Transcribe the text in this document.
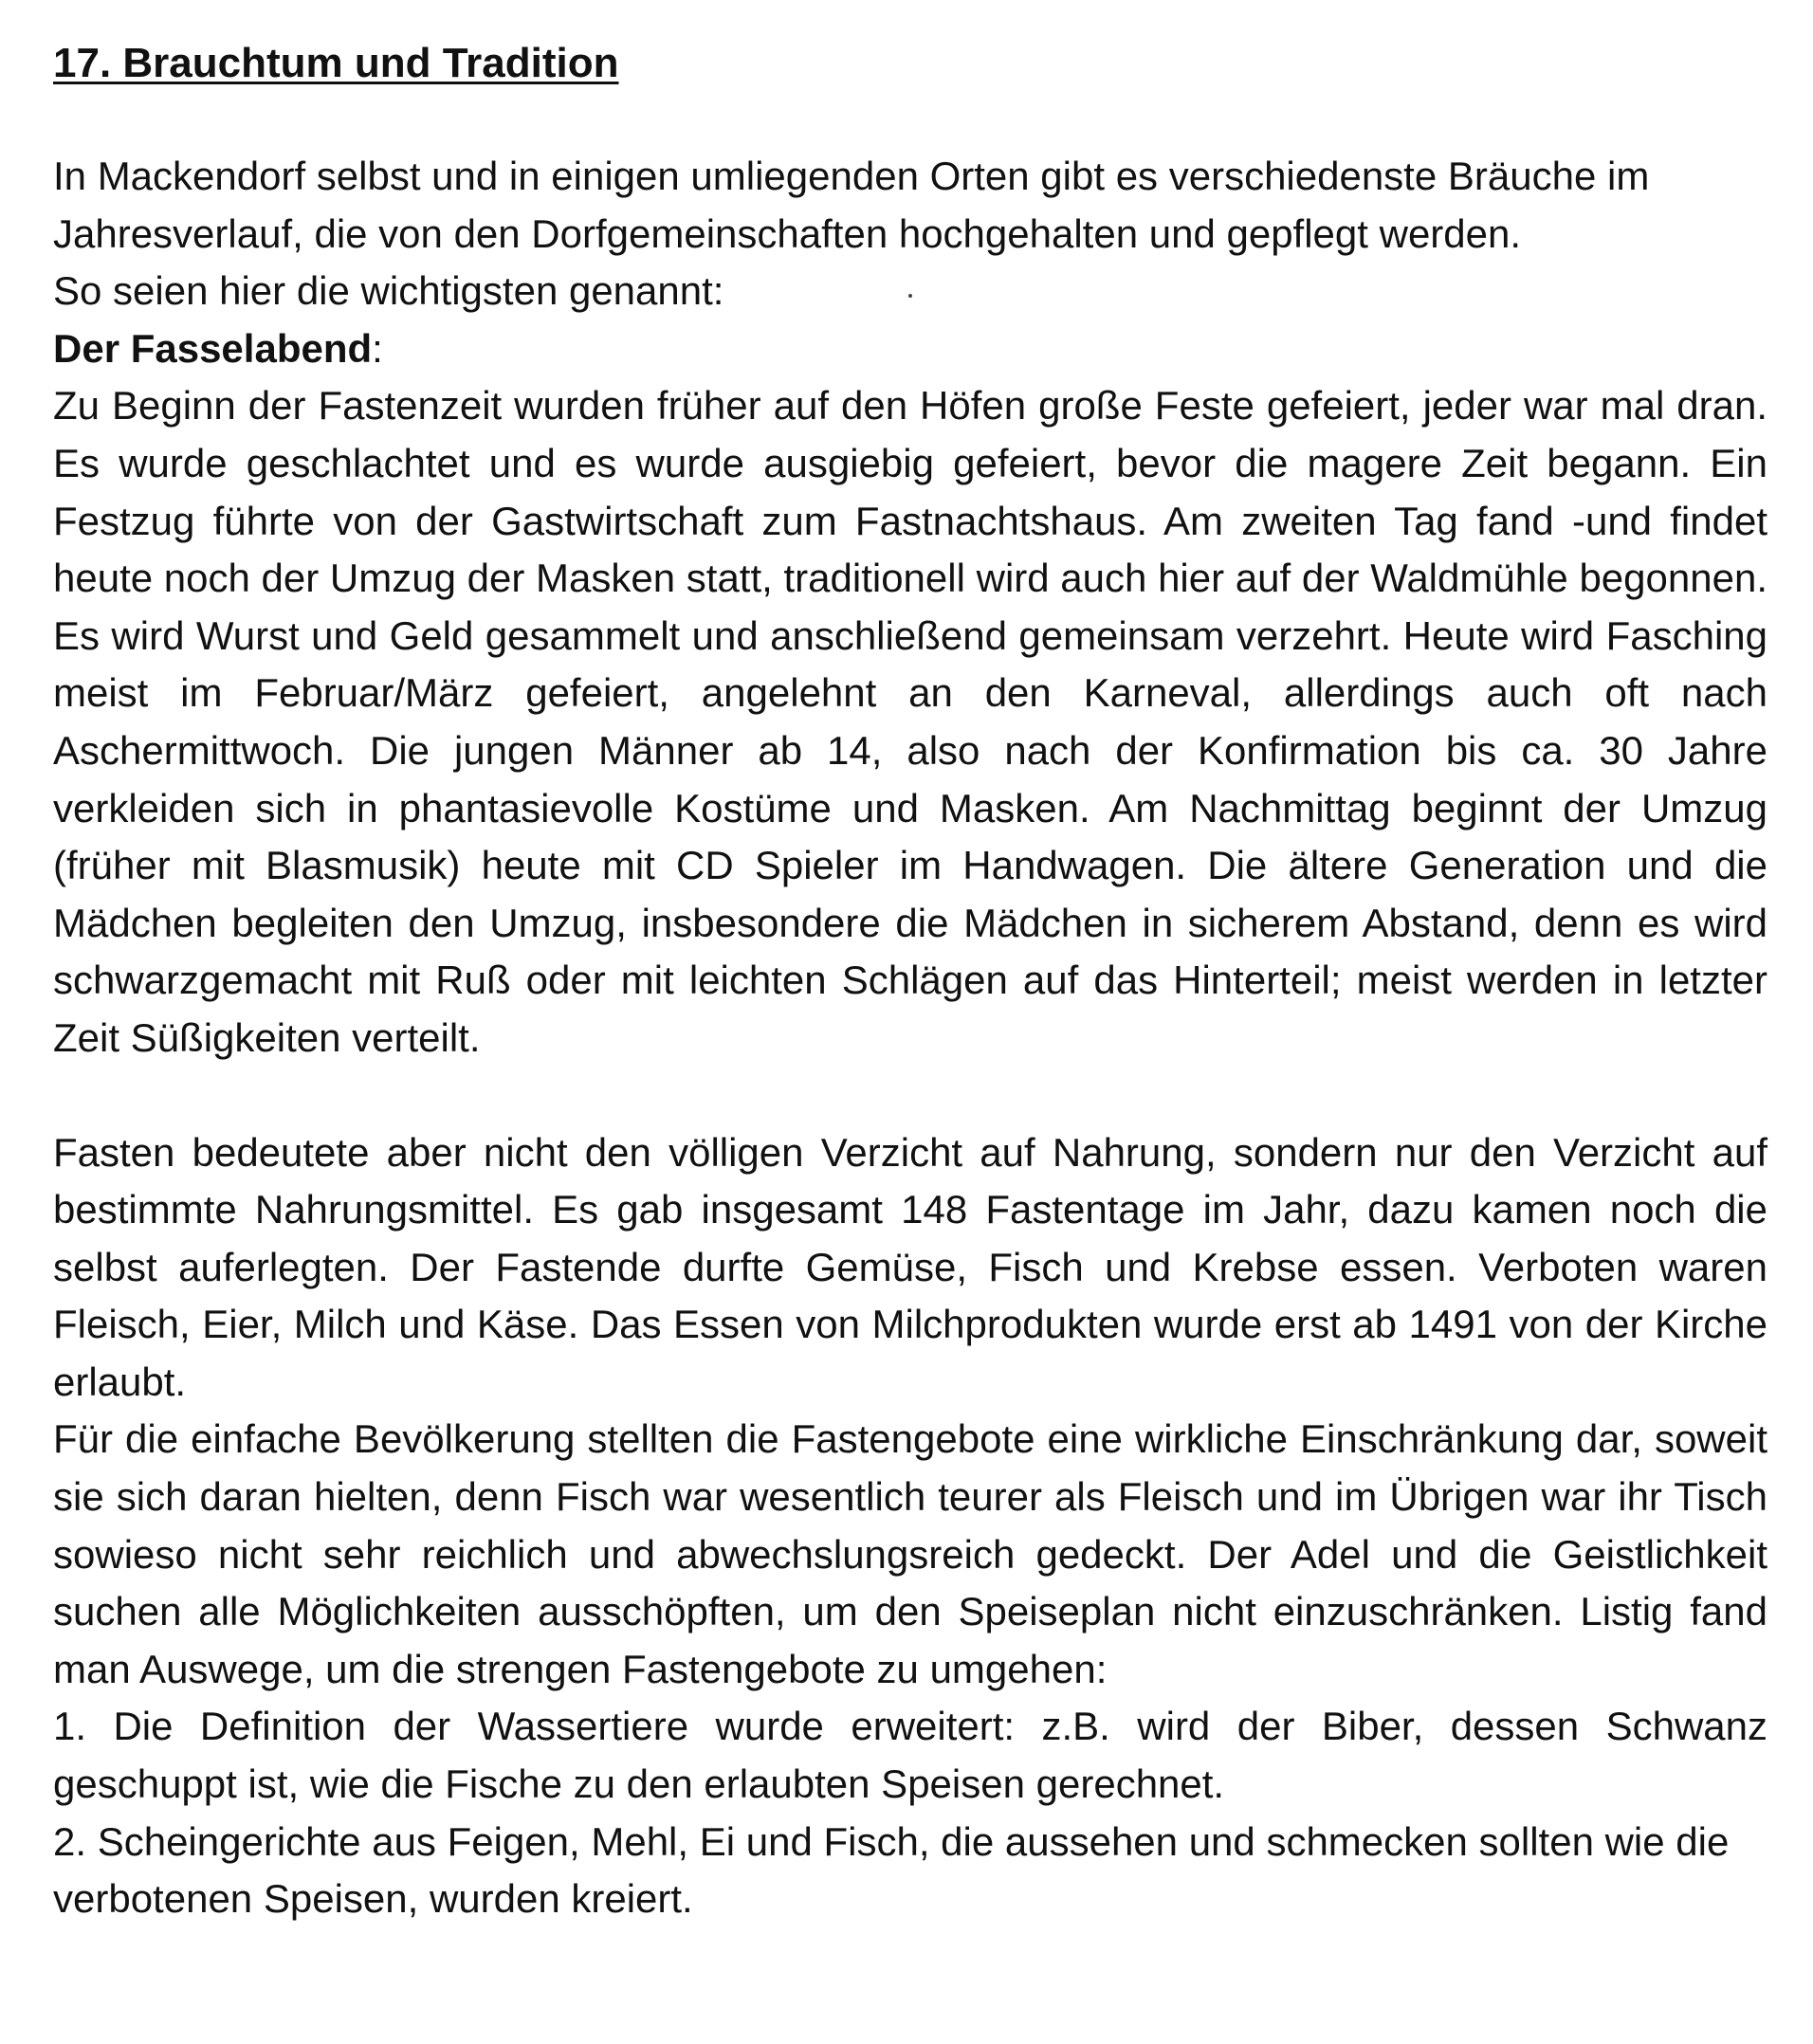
17. Brauchtum und Tradition

In Mackendorf selbst und in einigen umliegenden Orten gibt es verschiedenste Bräuche im Jahresverlauf, die von den Dorfgemeinschaften hochgehalten und gepflegt werden.

So seien hier die wichtigsten genannt:

Der Fasselabend:

Zu Beginn der Fastenzeit wurden früher auf den Höfen große Feste gefeiert, jeder war mal dran. Es wurde geschlachtet und es wurde ausgiebig gefeiert, bevor die magere Zeit begann. Ein Festzug führte von der Gastwirtschaft zum Fastnachtshaus. Am zweiten Tag fand -und findet heute noch der Umzug der Masken statt, traditionell wird auch hier auf der Waldmühle begonnen. Es wird Wurst und Geld gesammelt und anschließend gemeinsam verzehrt. Heute wird Fasching meist im Februar/März gefeiert, angelehnt an den Karneval, allerdings auch oft nach Aschermittwoch. Die jungen Männer ab 14, also nach der Konfirmation bis ca. 30 Jahre verkleiden sich in phantasievolle Kostüme und Masken. Am Nachmittag beginnt der Umzug (früher mit Blasmusik) heute mit CD Spieler im Handwagen. Die ältere Generation und die Mädchen begleiten den Umzug, insbesondere die Mädchen in sicherem Abstand, denn es wird schwarzgemacht mit Ruß oder mit leichten Schlägen auf das Hinterteil; meist werden in letzter Zeit Süßigkeiten verteilt.

Fasten bedeutete aber nicht den völligen Verzicht auf Nahrung, sondern nur den Verzicht auf bestimmte Nahrungsmittel. Es gab insgesamt 148 Fastentage im Jahr, dazu kamen noch die selbst auferlegten. Der Fastende durfte Gemüse, Fisch und Krebse essen. Verboten waren Fleisch, Eier, Milch und Käse. Das Essen von Milchprodukten wurde erst ab 1491 von der Kirche erlaubt.

Für die einfache Bevölkerung stellten die Fastengebote eine wirkliche Einschränkung dar, soweit sie sich daran hielten, denn Fisch war wesentlich teurer als Fleisch und im Übrigen war ihr Tisch sowieso nicht sehr reichlich und abwechslungsreich gedeckt. Der Adel und die Geistlichkeit suchen alle Möglichkeiten ausschöpften, um den Speiseplan nicht einzuschränken. Listig fand man Auswege, um die strengen Fastengebote zu umgehen:

1. Die Definition der Wassertiere wurde erweitert: z.B. wird der Biber, dessen Schwanz geschuppt ist, wie die Fische zu den erlaubten Speisen gerechnet.

2. Scheingerichte aus Feigen, Mehl, Ei und Fisch, die aussehen und schmecken sollten wie die verbotenen Speisen, wurden kreiert.
